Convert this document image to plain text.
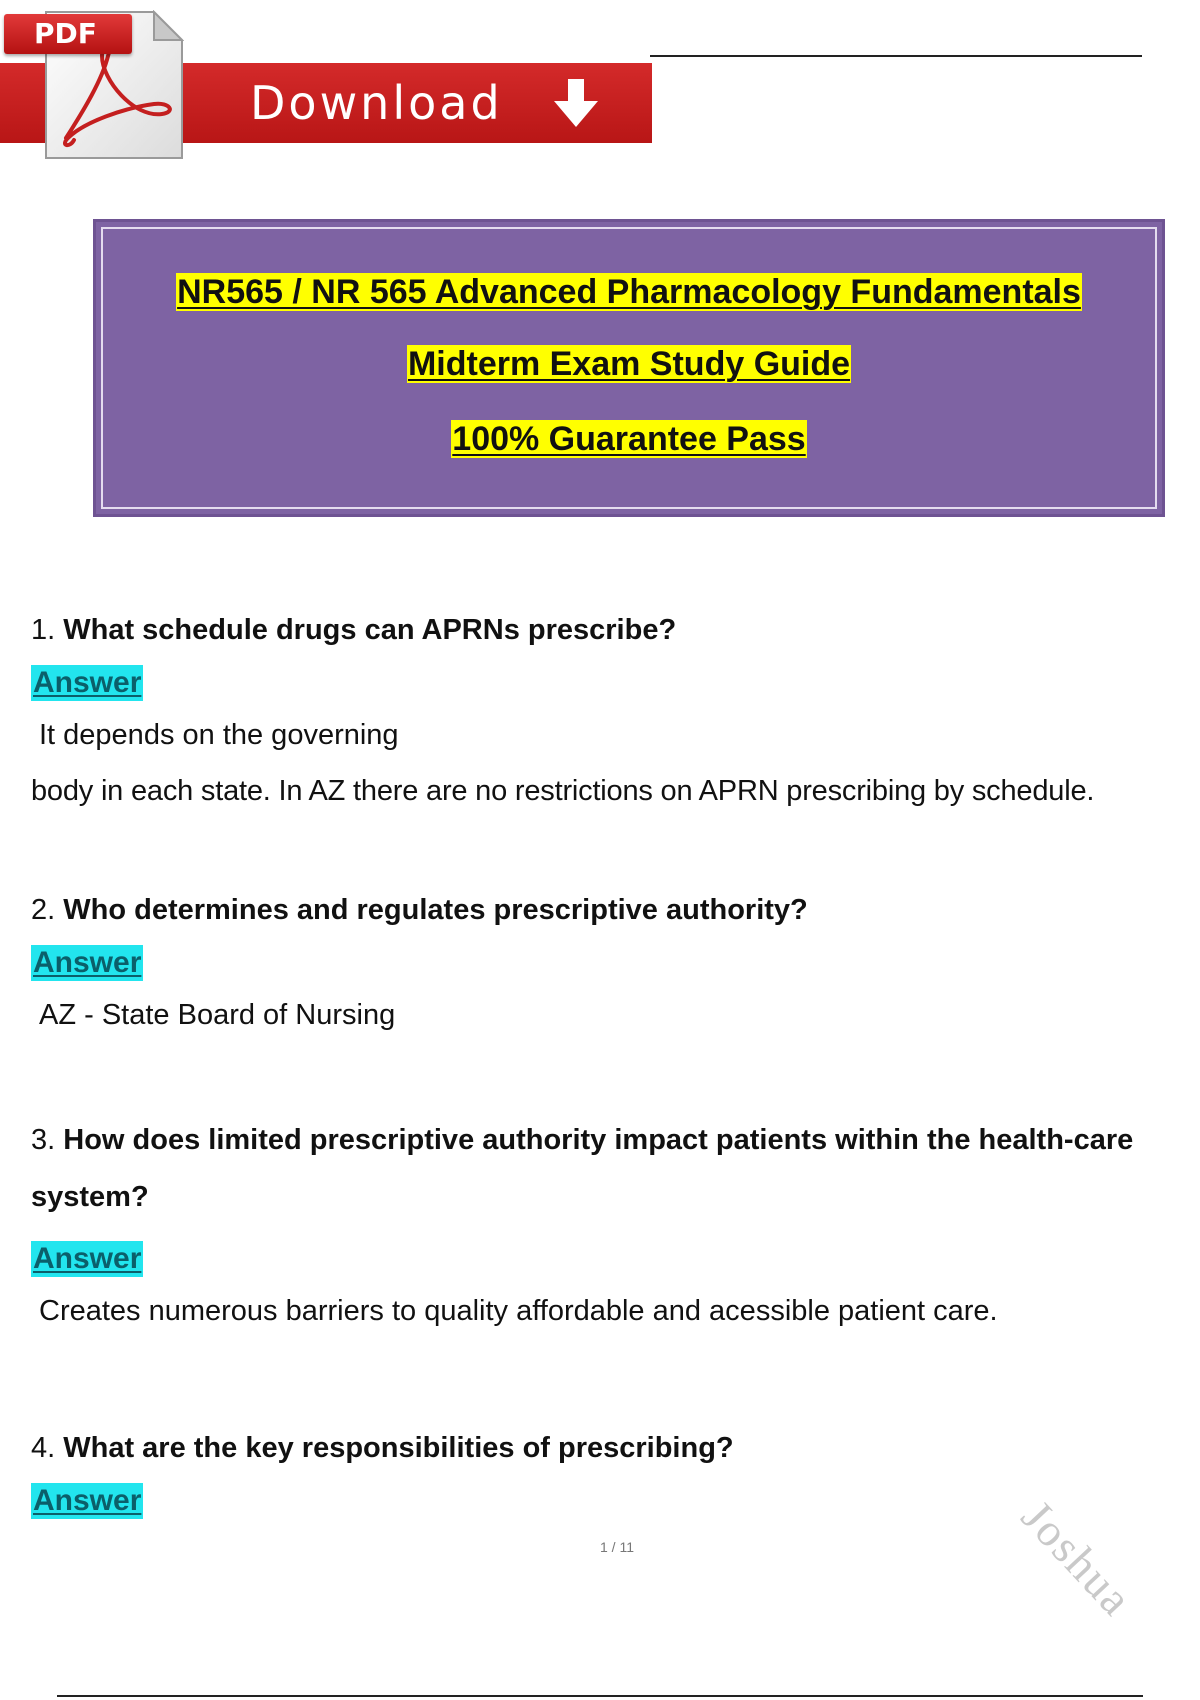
Download
PDF
NR565 / NR 565 Advanced Pharmacology Fundamentals
Midterm Exam Study Guide
100% Guarantee Pass

1. What schedule drugs can APRNs prescribe?

Answer

It depends on the governing

body in each state. In AZ there are no restrictions on APRN prescribing by schedule.

2. Who determines and regulates prescriptive authority?

Answer

AZ - State Board of Nursing

3. How does limited prescriptive authority impact patients within the health-care system?

Answer

Creates numerous barriers to quality affordable and acessible patient care.

4. What are the key responsibilities of prescribing?

Answer
1 / 11	Joshua
